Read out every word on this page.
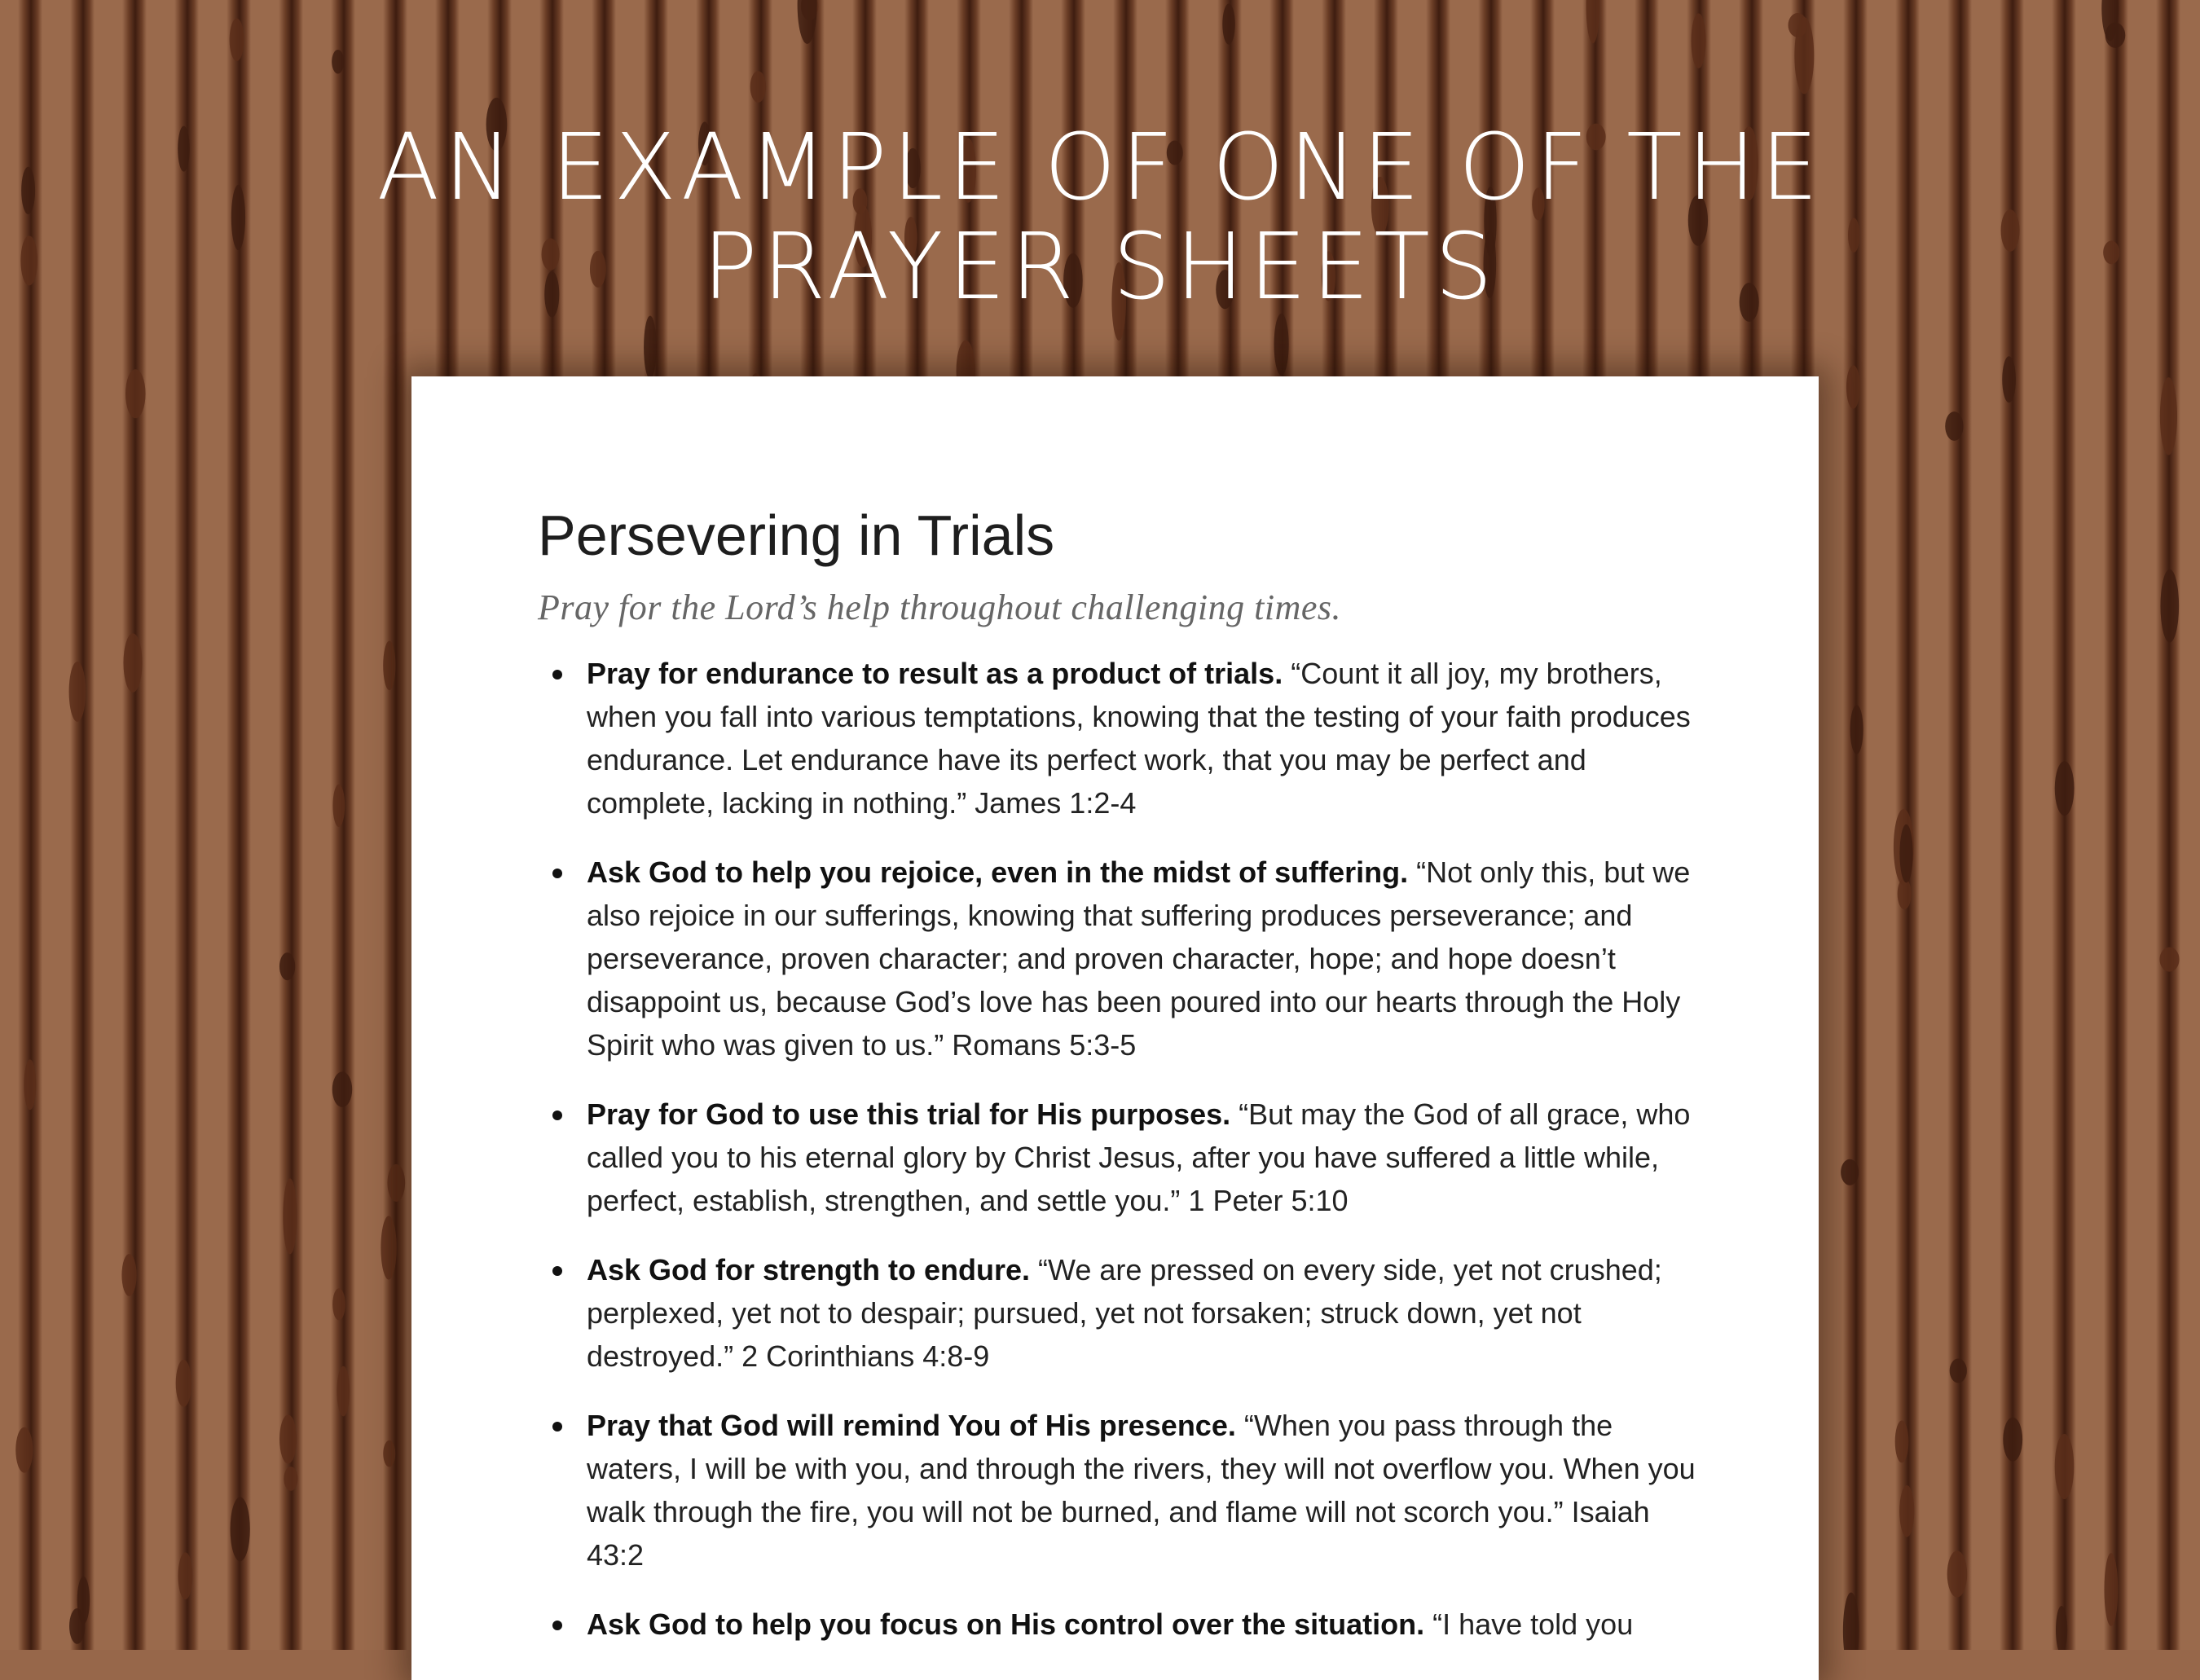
AN EXAMPLE OF ONE OF THE
PRAYER SHEETS
Persevering in Trials

Pray for the Lord’s help throughout challenging times.

Pray for endurance to result as a product of trials. “Count it all joy, my brothers, when you fall into various temptations, knowing that the testing of your faith produces endurance. Let endurance have its perfect work, that you may be perfect and complete, lacking in nothing.” James 1:2-4
Ask God to help you rejoice, even in the midst of suffering. “Not only this, but we also rejoice in our sufferings, knowing that suffering produces perseverance; and perseverance, proven character; and proven character, hope; and hope doesn’t disappoint us, because God’s love has been poured into our hearts through the Holy Spirit who was given to us.” Romans 5:3-5
Pray for God to use this trial for His purposes. “But may the God of all grace, who called you to his eternal glory by Christ Jesus, after you have suffered a little while, perfect, establish, strengthen, and settle you.” 1 Peter 5:10
Ask God for strength to endure. “We are pressed on every side, yet not crushed; perplexed, yet not to despair; pursued, yet not forsaken; struck down, yet not destroyed.” 2 Corinthians 4:8-9
Pray that God will remind You of His presence. “When you pass through the waters, I will be with you, and through the rivers, they will not overflow you. When you walk through the fire, you will not be burned, and flame will not scorch you.” Isaiah 43:2
Ask God to help you focus on His control over the situation. “I have told you
